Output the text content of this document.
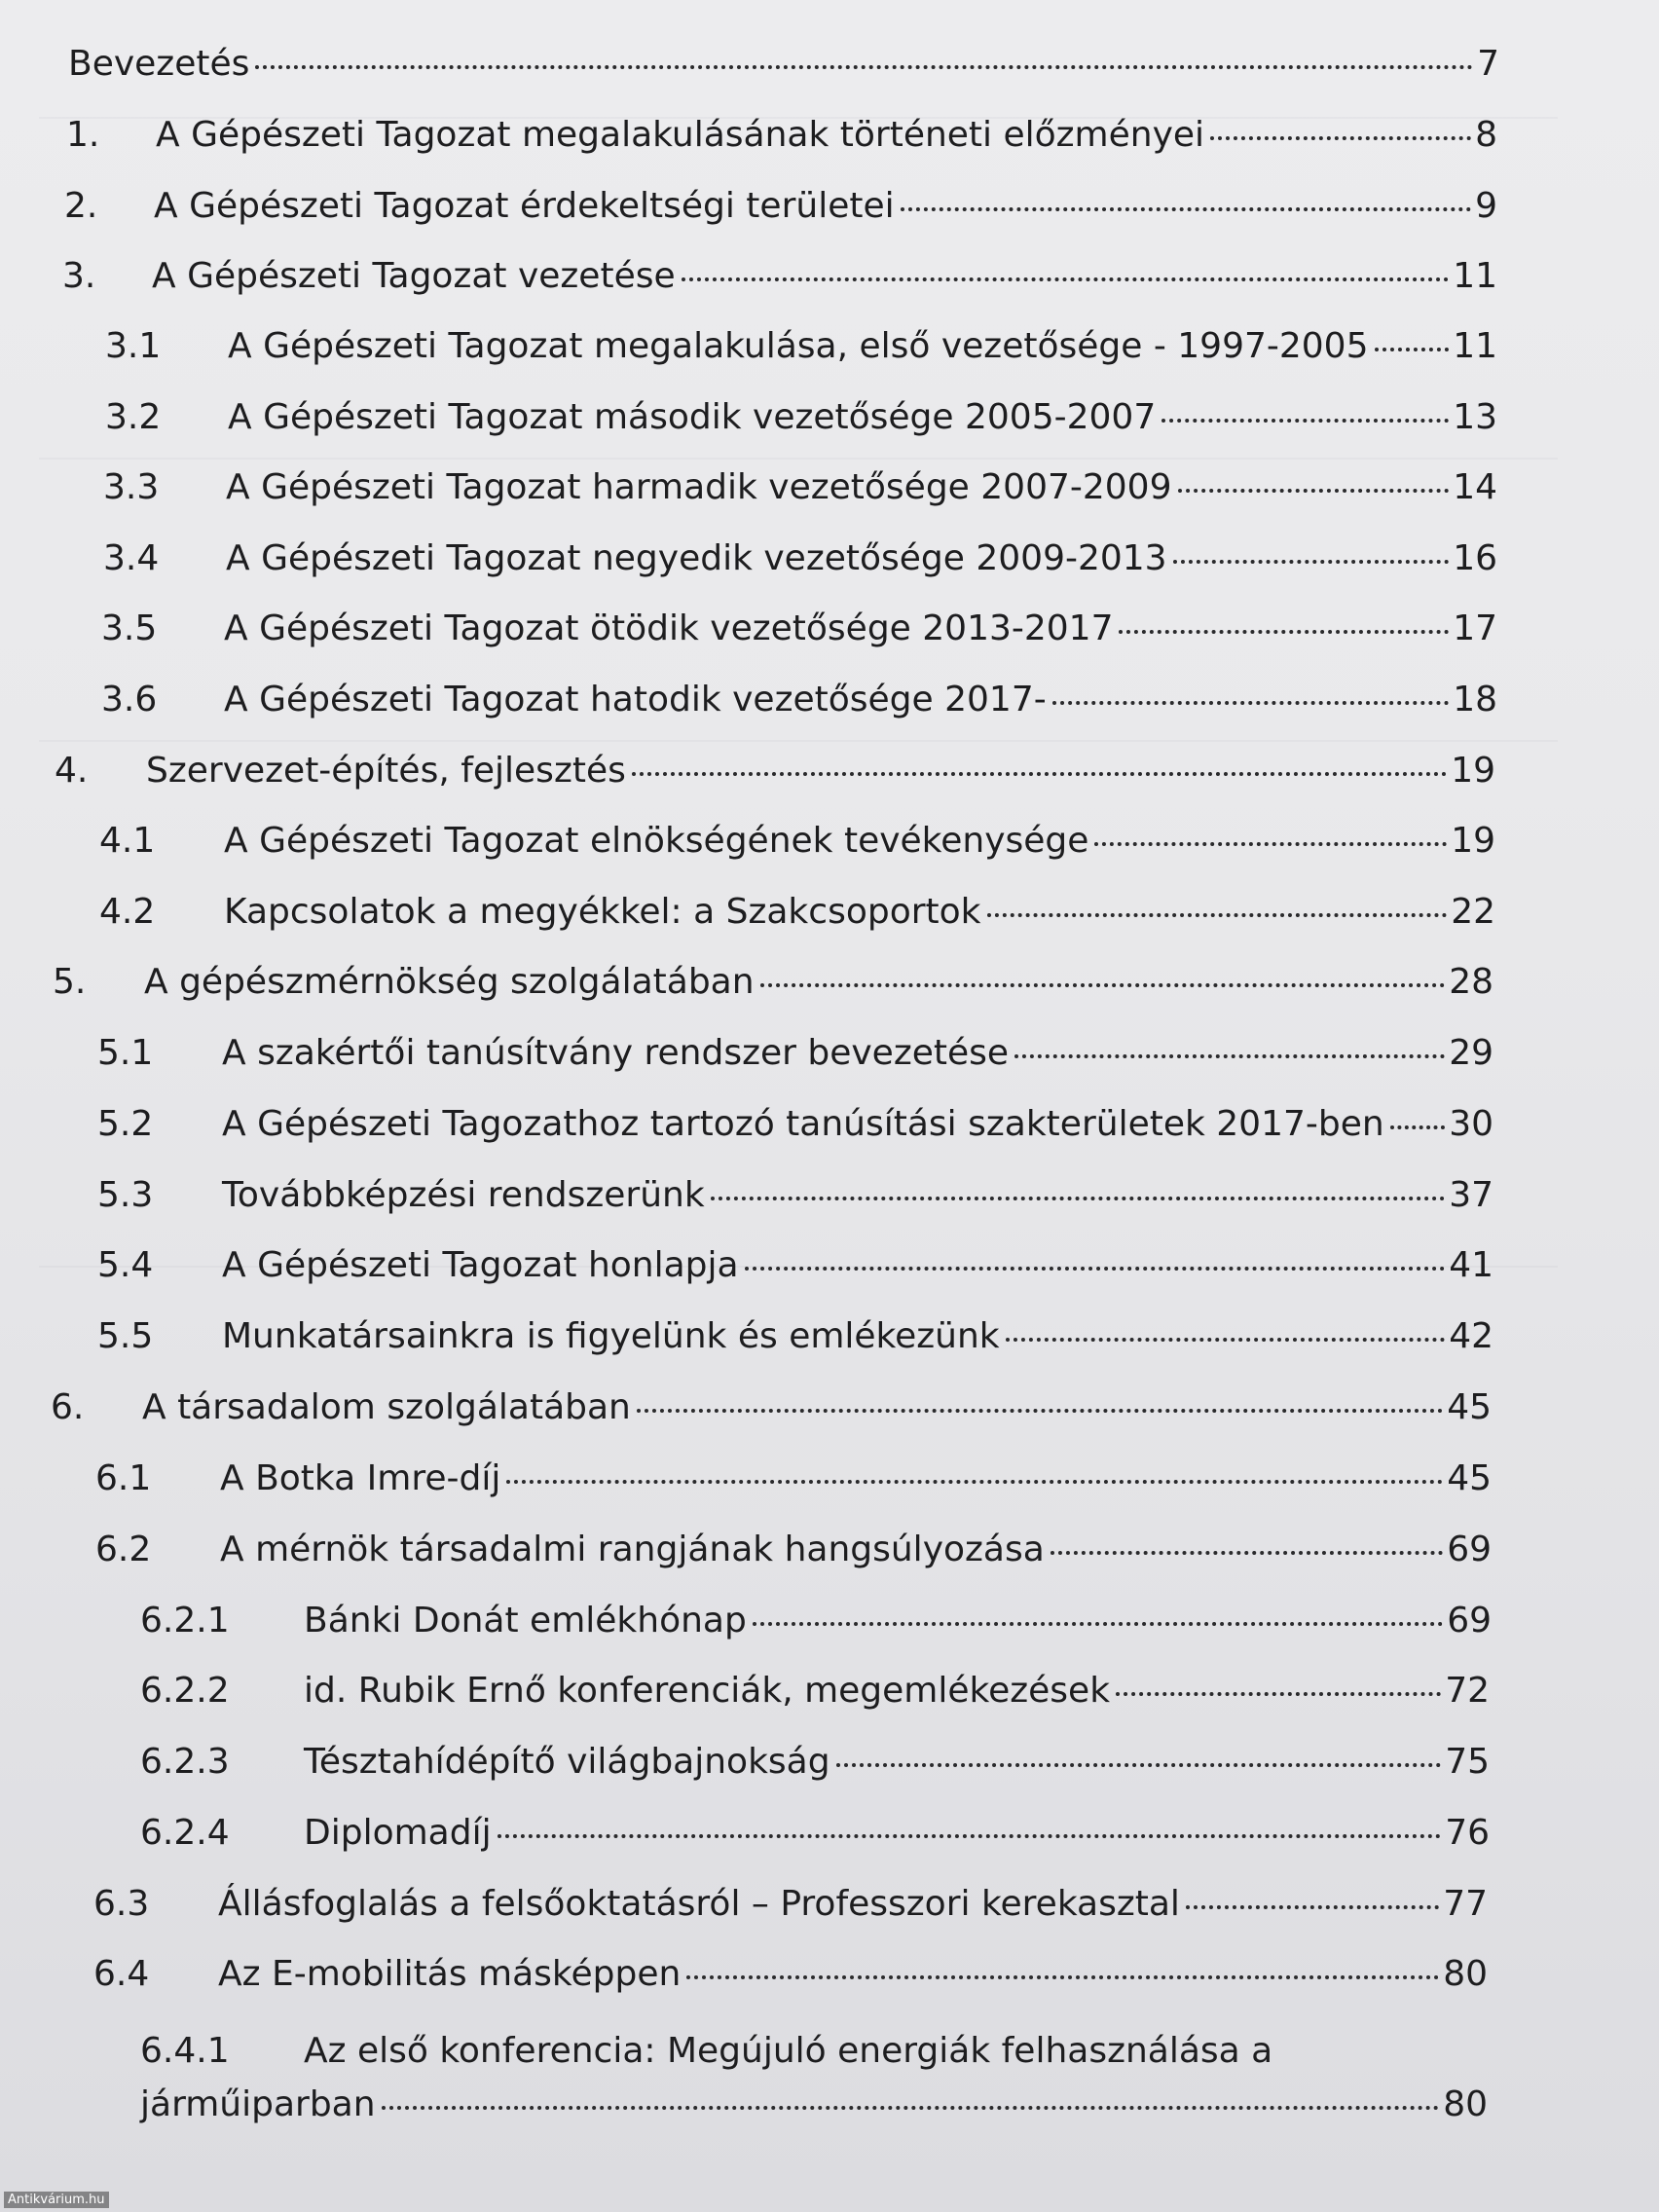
Bevezetés	7
1.	A Gépészeti Tagozat megalakulásának történeti előzményei	8
2.	A Gépészeti Tagozat érdekeltségi területei	9
3.	A Gépészeti Tagozat vezetése	11
3.1	A Gépészeti Tagozat megalakulása, első vezetősége - 1997-2005 11
3.2	A Gépészeti Tagozat második vezetősége 2005-2007	13
3.3	A Gépészeti Tagozat harmadik vezetősége 2007-2009	14
3.4	A Gépészeti Tagozat negyedik vezetősége 2009-2013	16
3.5	A Gépészeti Tagozat ötödik vezetősége 2013-2017	17
3.6	A Gépészeti Tagozat hatodik vezetősége 2017-	18
4.	Szervezet-építés, fejlesztés	19
4.1	A Gépészeti Tagozat elnökségének tevékenysége	19
4.2	Kapcsolatok a megyékkel: a Szakcsoportok	22
5.	A gépészmérnökség szolgálatában	28
5.1	A szakértői tanúsítvány rendszer bevezetése	29
5.2	A Gépészeti Tagozathoz tartozó tanúsítási szakterületek 2017-ben 30
5.3	Továbbképzési rendszerünk	37
5.4	A Gépészeti Tagozat honlapja	41
5.5	Munkatársainkra is figyelünk és emlékezünk	42
6.	A társadalom szolgálatában	45
6.1	A Botka Imre-díj	45
6.2	A mérnök társadalmi rangjának hangsúlyozása	69
6.2.1	Bánki Donát emlékhónap	69
6.2.2	id. Rubik Ernő konferenciák, megemlékezések	72
6.2.3	Tésztahídépítő világbajnokság	75
6.2.4	Diplomadíj	76
6.3	Állásfoglalás a felsőoktatásról – Professzori kerekasztal	77
6.4	Az E-mobilitás másképpen	80
6.4.1 Az első konferencia: Megújuló energiák felhasználása a
járműiparban	80
Antikvárium.hu
